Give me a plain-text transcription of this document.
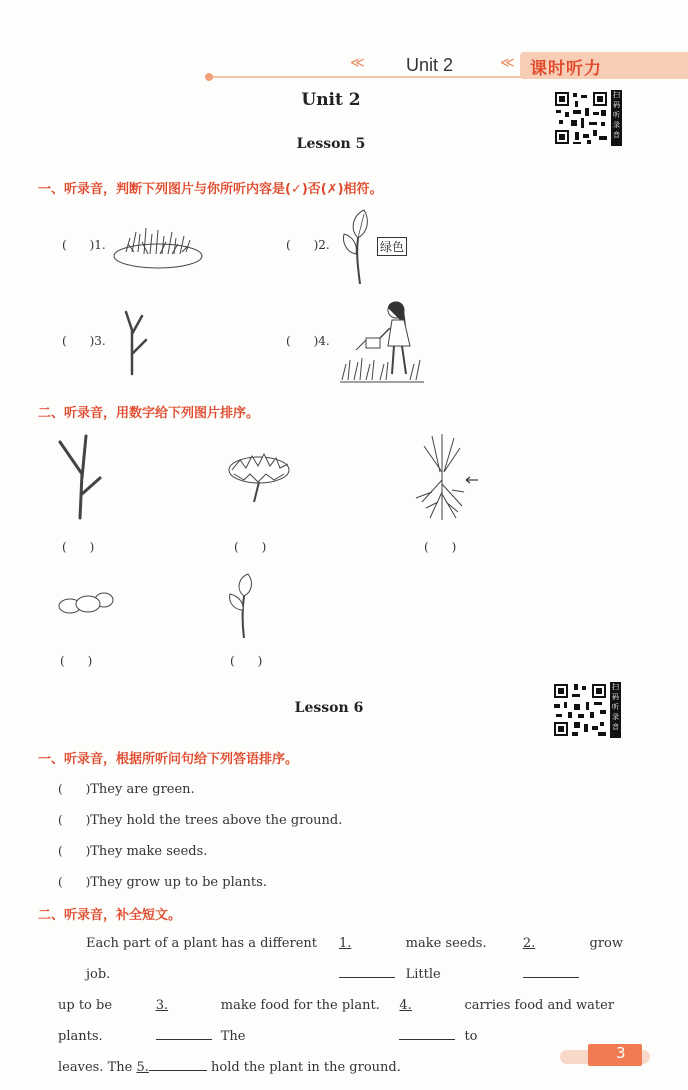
≪ Unit 2	≪ 课时听力
Unit 2
Lesson 5
扫
码
听
录
音
一、听录音，判断下列图片与你所听内容是(✓)否(✗)相符。
(      )1.	(      )2.	绿色
(      )3.	(      )4.
二、听录音，用数字给下列图片排序。
(      )	(      )	(      )
(      )	(      )
Lesson 6
扫
码
听
录
音
一、听录音，根据所听问句给下列答语排序。
(      )They are green.
(      )They hold the trees above the ground.
(      )They make seeds.
(      )They grow up to be plants.
二、听录音，补全短文。
Each part of a plant has a different job.
1.	make seeds. Little
2.	grow
up to be plants.
3.	make food for the plant. The
4.	carries food and water to
leaves. The 5.	hold the plant in the ground.
3
